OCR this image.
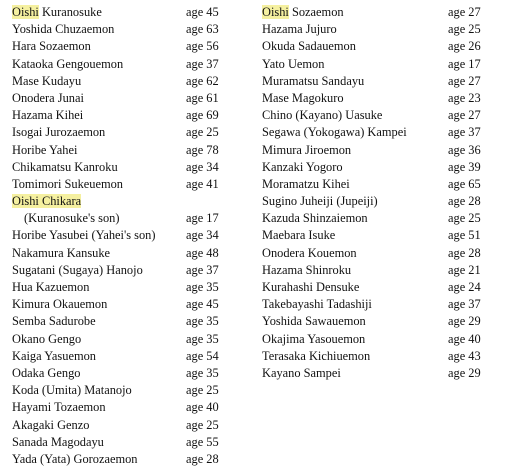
Oishi Kuranosuke	age 45
Yoshida Chuzaemon	age 63
Hara Sozaemon	age 56
Kataoka Gengouemon	age 37
Mase Kudayu	age 62
Onodera Junai	age 61
Hazama Kihei	age 69
Isogai Jurozaemon	age 25
Horibe Yahei	age 78
Chikamatsu Kanroku	age 34
Tomimori Sukeuemon	age 41
Oishi Chikara
(Kuranosuke's son)	age 17
Horibe Yasubei (Yahei's son) age 34
Nakamura Kansuke	age 48
Sugatani (Sugaya) Hanojo	age 37
Hua Kazuemon	age 35
Kimura Okauemon	age 45
Semba Sadurobe	age 35
Okano Gengo	age 35
Kaiga Yasuemon	age 54
Odaka Gengo	age 35
Koda (Umita) Matanojo	age 25
Hayami Tozaemon	age 40
Akagaki Genzo	age 25
Sanada Magodayu	age 55
Yada (Yata) Gorozaemon	age 28
Oishi Sozaemon	age 27
Hazama Jujuro	age 25
Okuda Sadauemon	age 26
Yato Uemon	age 17
Muramatsu Sandayu	age 27
Mase Magokuro	age 23
Chino (Kayano) Uasuke	age 27
Segawa (Yokogawa) Kampei	age 37
Mimura Jiroemon	age 36
Kanzaki Yogoro	age 39
Moramatzu Kihei	age 65
Sugino Juheiji (Jupeiji)	age 28
Kazuda Shinzaiemon	age 25
Maebara Isuke	age 51
Onodera Kouemon	age 28
Hazama Shinroku	age 21
Kurahashi Densuke	age 24
Takebayashi Tadashiji	age 37
Yoshida Sawauemon	age 29
Okajima Yasouemon	age 40
Terasaka Kichiuemon	age 43
Kayano Sampei	age 29
